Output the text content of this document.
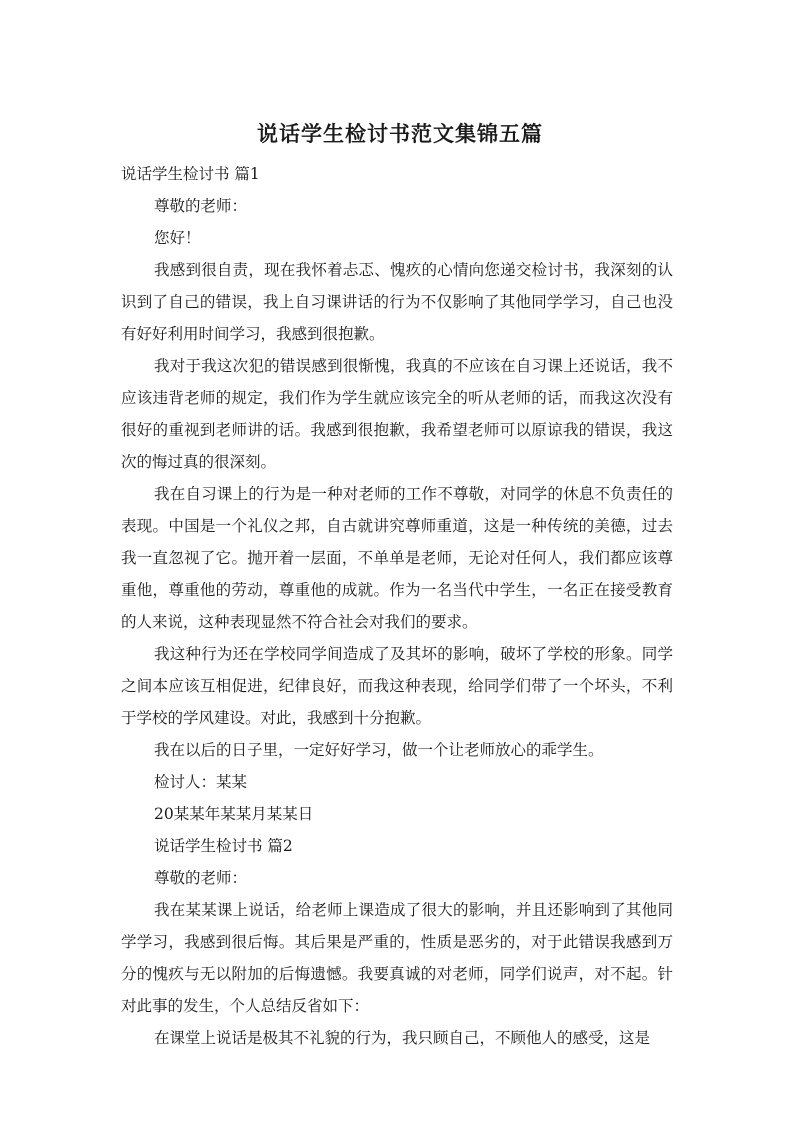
说话学生检讨书范文集锦五篇

说话学生检讨书 篇1

尊敬的老师：

您好！

我感到很自责，现在我怀着忐忑、愧疚的心情向您递交检讨书，我深刻的认识到了自己的错误，我上自习课讲话的行为不仅影响了其他同学学习，自己也没有好好利用时间学习，我感到很抱歉。

我对于我这次犯的错误感到很惭愧，我真的不应该在自习课上还说话，我不应该违背老师的规定，我们作为学生就应该完全的听从老师的话，而我这次没有很好的重视到老师讲的话。我感到很抱歉，我希望老师可以原谅我的错误，我这次的悔过真的很深刻。

我在自习课上的行为是一种对老师的工作不尊敬，对同学的休息不负责任的表现。中国是一个礼仪之邦，自古就讲究尊师重道，这是一种传统的美德，过去我一直忽视了它。抛开着一层面，不单单是老师，无论对任何人，我们都应该尊重他，尊重他的劳动，尊重他的成就。作为一名当代中学生，一名正在接受教育的人来说，这种表现显然不符合社会对我们的要求。

我这种行为还在学校同学间造成了及其坏的影响，破坏了学校的形象。同学之间本应该互相促进，纪律良好，而我这种表现，给同学们带了一个坏头，不利于学校的学风建设。对此，我感到十分抱歉。

我在以后的日子里，一定好好学习，做一个让老师放心的乖学生。

检讨人：某某

20某某年某某月某某日

说话学生检讨书 篇2

尊敬的老师：

我在某某课上说话，给老师上课造成了很大的影响，并且还影响到了其他同学学习，我感到很后悔。其后果是严重的，性质是恶劣的，对于此错误我感到万分的愧疚与无以附加的后悔遗憾。我要真诚的对老师，同学们说声，对不起。针对此事的发生，个人总结反省如下：

在课堂上说话是极其不礼貌的行为，我只顾自己，不顾他人的感受，这是
